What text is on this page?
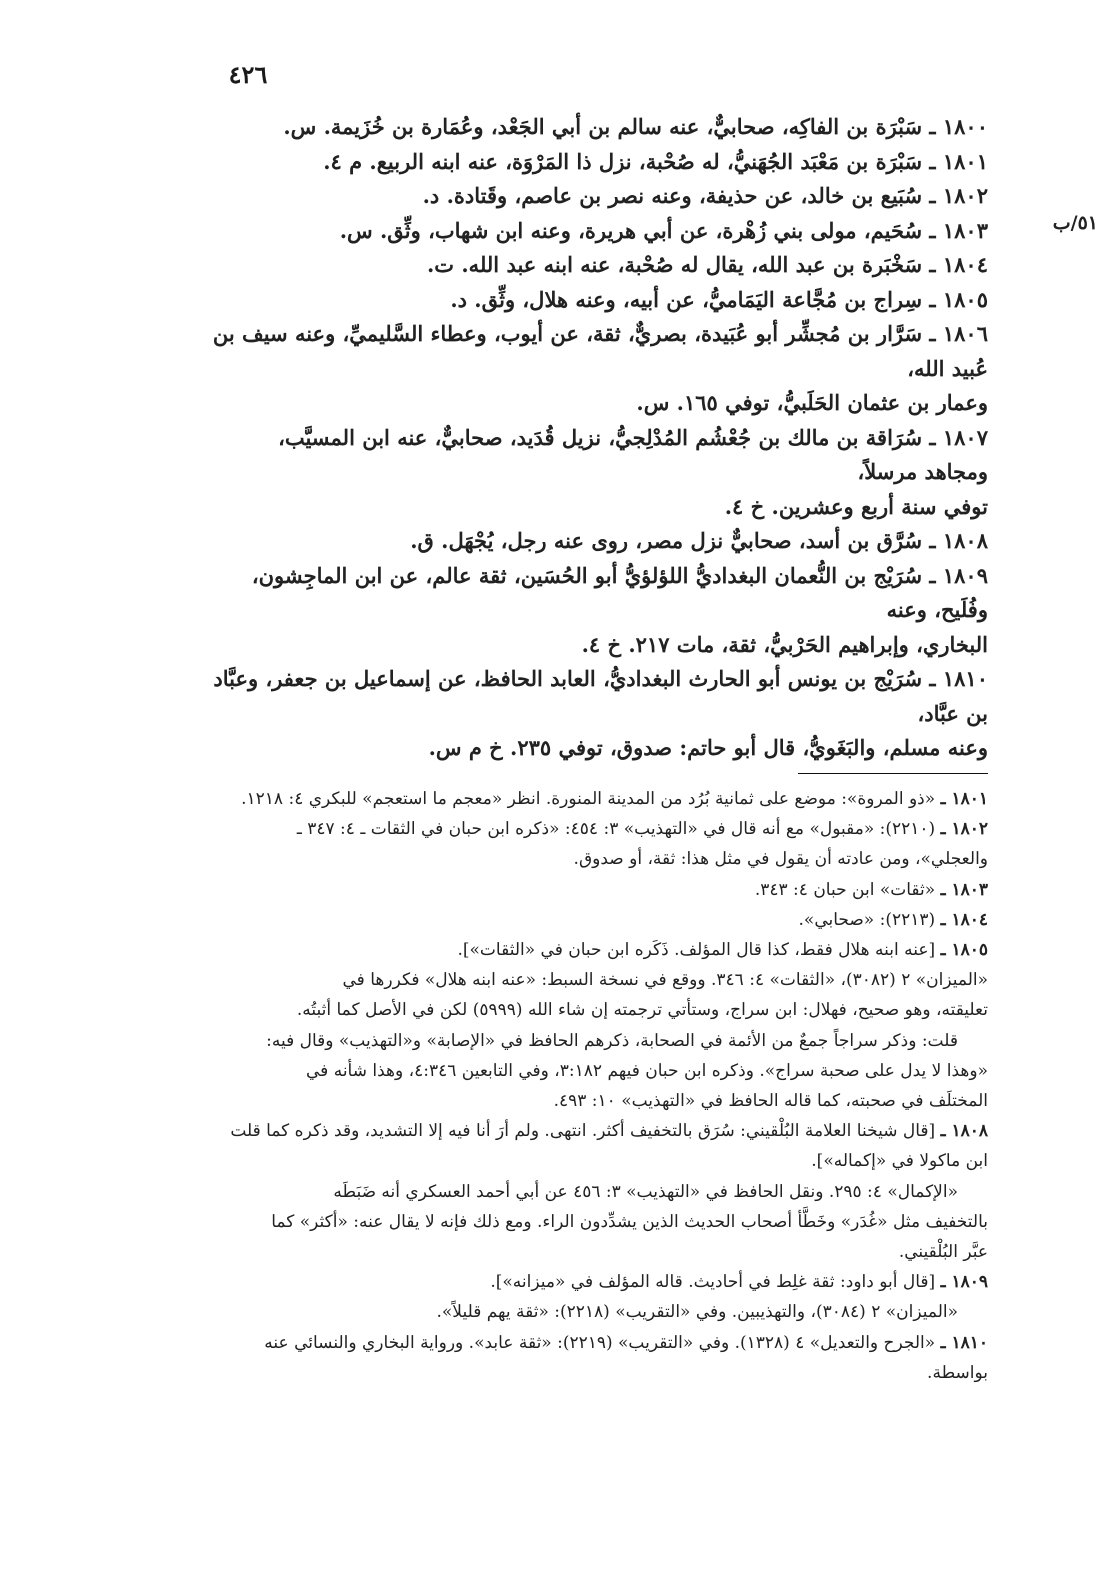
٤٢٦
٥١/ب

١٨٠٠ ـ سَبْرَة بن الفاكِه، صحابيٌّ، عنه سالم بن أبي الجَعْد، وعُمَارة بن خُزَيمة. س.

١٨٠١ ـ سَبْرَة بن مَعْبَد الجُهَنيُّ، له صُحْبة، نزل ذا المَرْوَة، عنه ابنه الربيع. م ٤.

١٨٠٢ ـ سُبَيع بن خالد، عن حذيفة، وعنه نصر بن عاصم، وقَتادة. د.

١٨٠٣ ـ سُحَيم، مولى بني زُهْرة، عن أبي هريرة، وعنه ابن شهاب، وثِّق. س.

١٨٠٤ ـ سَخْبَرة بن عبد الله، يقال له صُحْبة، عنه ابنه عبد الله. ت.

١٨٠٥ ـ سِراج بن مُجَّاعة اليَمَاميُّ، عن أبيه، وعنه هلال، وثِّق. د.

١٨٠٦ ـ سَرَّار بن مُجشِّر أبو عُبَيدة، بصريٌّ، ثقة، عن أيوب، وعطاء السَّليميِّ، وعنه سيف بن عُبيد الله،
وعمار بن عثمان الحَلَبيُّ، توفي ١٦٥. س.
١٨٠٧ ـ سُرَاقة بن مالك بن جُعْشُم المُدْلِجيُّ، نزيل قُدَيد، صحابيٌّ، عنه ابن المسيَّب، ومجاهد مرسلاً،
توفي سنة أربع وعشرين. خ ٤.

١٨٠٨ ـ سُرَّق بن أسد، صحابيٌّ نزل مصر، روى عنه رجل، يُجْهَل. ق.

١٨٠٩ ـ سُرَيْج بن النُّعمان البغداديُّ اللؤلؤيُّ أبو الحُسَين، ثقة عالم، عن ابن الماجِشون، وفُلَيح، وعنه
البخاري، وإبراهيم الحَرْبيُّ، ثقة، مات ٢١٧. خ ٤.
١٨١٠ ـ سُرَيْج بن يونس أبو الحارث البغداديُّ، العابد الحافظ، عن إسماعيل بن جعفر، وعبَّاد بن عبَّاد،
وعنه مسلم، والبَغَويُّ، قال أبو حاتم: صدوق، توفي ٢٣٥. خ م س.
١٨٠١ ـ «ذو المروة»: موضع على ثمانية بُرُد من المدينة المنورة. انظر «معجم ما استعجم» للبكري ٤: ١٢١٨.
١٨٠٢ ـ (٢٢١٠): «مقبول» مع أنه قال في «التهذيب» ٣: ٤٥٤: «ذكره ابن حبان في الثقات ـ ٤: ٣٤٧ ـ
والعجلي»، ومن عادته أن يقول في مثل هذا: ثقة، أو صدوق.
١٨٠٣ ـ «ثقات» ابن حبان ٤: ٣٤٣.
١٨٠٤ ـ (٢٢١٣): «صحابي».
١٨٠٥ ـ [عنه ابنه هلال فقط، كذا قال المؤلف. ذَكَره ابن حبان في «الثقات»].
«الميزان» ٢ (٣٠٨٢)، «الثقات» ٤: ٣٤٦. ووقع في نسخة السبط: «عنه ابنه هلال» فكررها في
تعليقته، وهو صحيح، فهلال: ابن سراج، وستأتي ترجمته إن شاء الله (٥٩٩٩) لكن في الأصل كما أثبتُه.
قلت: وذكر سراجاً جمعٌ من الأئمة في الصحابة، ذكرهم الحافظ في «الإصابة» و«التهذيب» وقال فيه:
«وهذا لا يدل على صحبة سراج». وذكره ابن حبان فيهم ٣:١٨٢، وفي التابعين ٤:٣٤٦، وهذا شأنه في
المختلَف في صحبته، كما قاله الحافظ في «التهذيب» ١٠: ٤٩٣.
١٨٠٨ ـ [قال شيخنا العلامة البُلْقيني: سُرَق بالتخفيف أكثر. انتهى. ولم أرَ أنا فيه إلا التشديد، وقد ذكره كما قلت
ابن ماكولا في «إكماله»].
«الإكمال» ٤: ٢٩٥. ونقل الحافظ في «التهذيب» ٣: ٤٥٦ عن أبي أحمد العسكري أنه ضَبَطَه
بالتخفيف مثل «غُدَر» وخَطَّأ أصحاب الحديث الذين يشدِّدون الراء. ومع ذلك فإنه لا يقال عنه: «أكثر» كما
عبَّر البُلْقيني.
١٨٠٩ ـ [قال أبو داود: ثقة غلِط في أحاديث. قاله المؤلف في «ميزانه»].
«الميزان» ٢ (٣٠٨٤)، والتهذيبين. وفي «التقريب» (٢٢١٨): «ثقة يهم قليلاً».
١٨١٠ ـ «الجرح والتعديل» ٤ (١٣٢٨). وفي «التقريب» (٢٢١٩): «ثقة عابد». ورواية البخاري والنسائي عنه بواسطة.
